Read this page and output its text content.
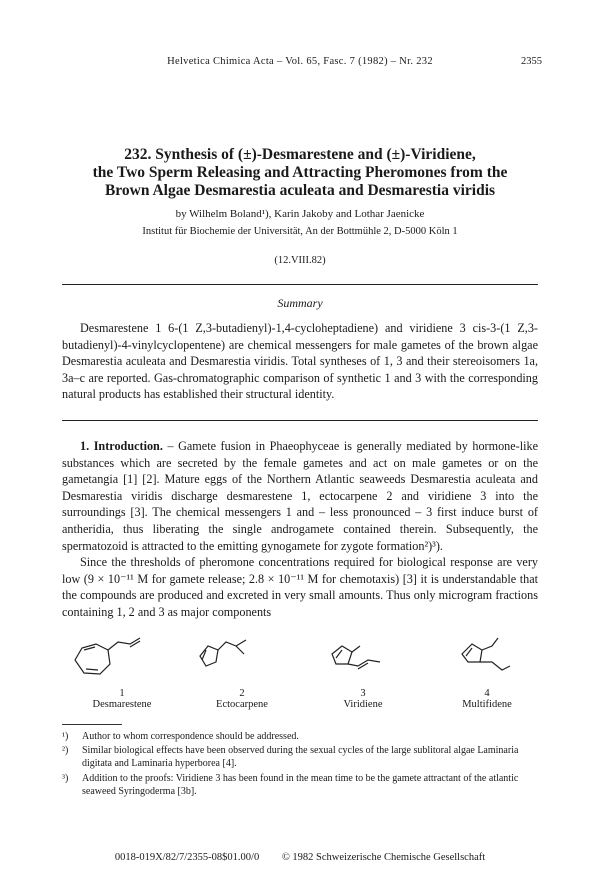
Helvetica Chimica Acta – Vol. 65, Fasc. 7 (1982) – Nr. 232	2355
232. Synthesis of (±)-Desmarestene and (±)-Viridiene,
the Two Sperm Releasing and Attracting Pheromones from the
Brown Algae Desmarestia aculeata and Desmarestia viridis
by Wilhelm Boland¹), Karin Jakoby and Lothar Jaenicke
Institut für Biochemie der Universität, An der Bottmühle 2, D-5000 Köln 1
(12.VIII.82)
Summary

Desmarestene 1 6-(1 Z,3-butadienyl)-1,4-cycloheptadiene) and viridiene 3 cis-3-(1 Z,3-butadienyl)-4-vinylcyclopentene) are chemical messengers for male gametes of the brown algae Desmarestia aculeata and Desmarestia viridis. Total syntheses of 1, 3 and their stereoisomers 1a, 3a–c are reported. Gas-chromatographic comparison of synthetic 1 and 3 with the corresponding natural products has established their structural identity.

1. Introduction. – Gamete fusion in Phaeophyceae is generally mediated by hormone-like substances which are secreted by the female gametes and act on male gametes or on the gametangia [1] [2]. Mature eggs of the Northern Atlantic seaweeds Desmarestia aculeata and Desmarestia viridis discharge desmarestene 1, ectocarpene 2 and viridiene 3 into the surroundings [3]. The chemical messengers 1 and – less pronounced – 3 first induce burst of antheridia, thus liberating the single androgamete contained therein. Subsequently, the spermatozoid is attracted to the emitting gynogamete for zygote formation²)³).

Since the thresholds of pheromone concentrations required for biological response are very low (9 × 10⁻¹¹ M for gamete release; 2.8 × 10⁻¹¹ M for chemotaxis) [3] it is understandable that the compounds are produced and excreted in very small amounts. Thus only microgram fractions containing 1, 2 and 3 as major components

1
Desmarestene
2
Ectocarpene
3
Viridiene
4
Multifidene
¹)	Author to whom correspondence should be addressed.
²)	Similar biological effects have been observed during the sexual cycles of the large sublitoral algae Laminaria digitata and Laminaria hyperborea [4].
³)	Addition to the proofs: Viridiene 3 has been found in the mean time to be the gamete attractant of the atlantic seaweed Syringoderma [3b].
0018-019X/82/7/2355-08$01.00/0 © 1982 Schweizerische Chemische Gesellschaft
